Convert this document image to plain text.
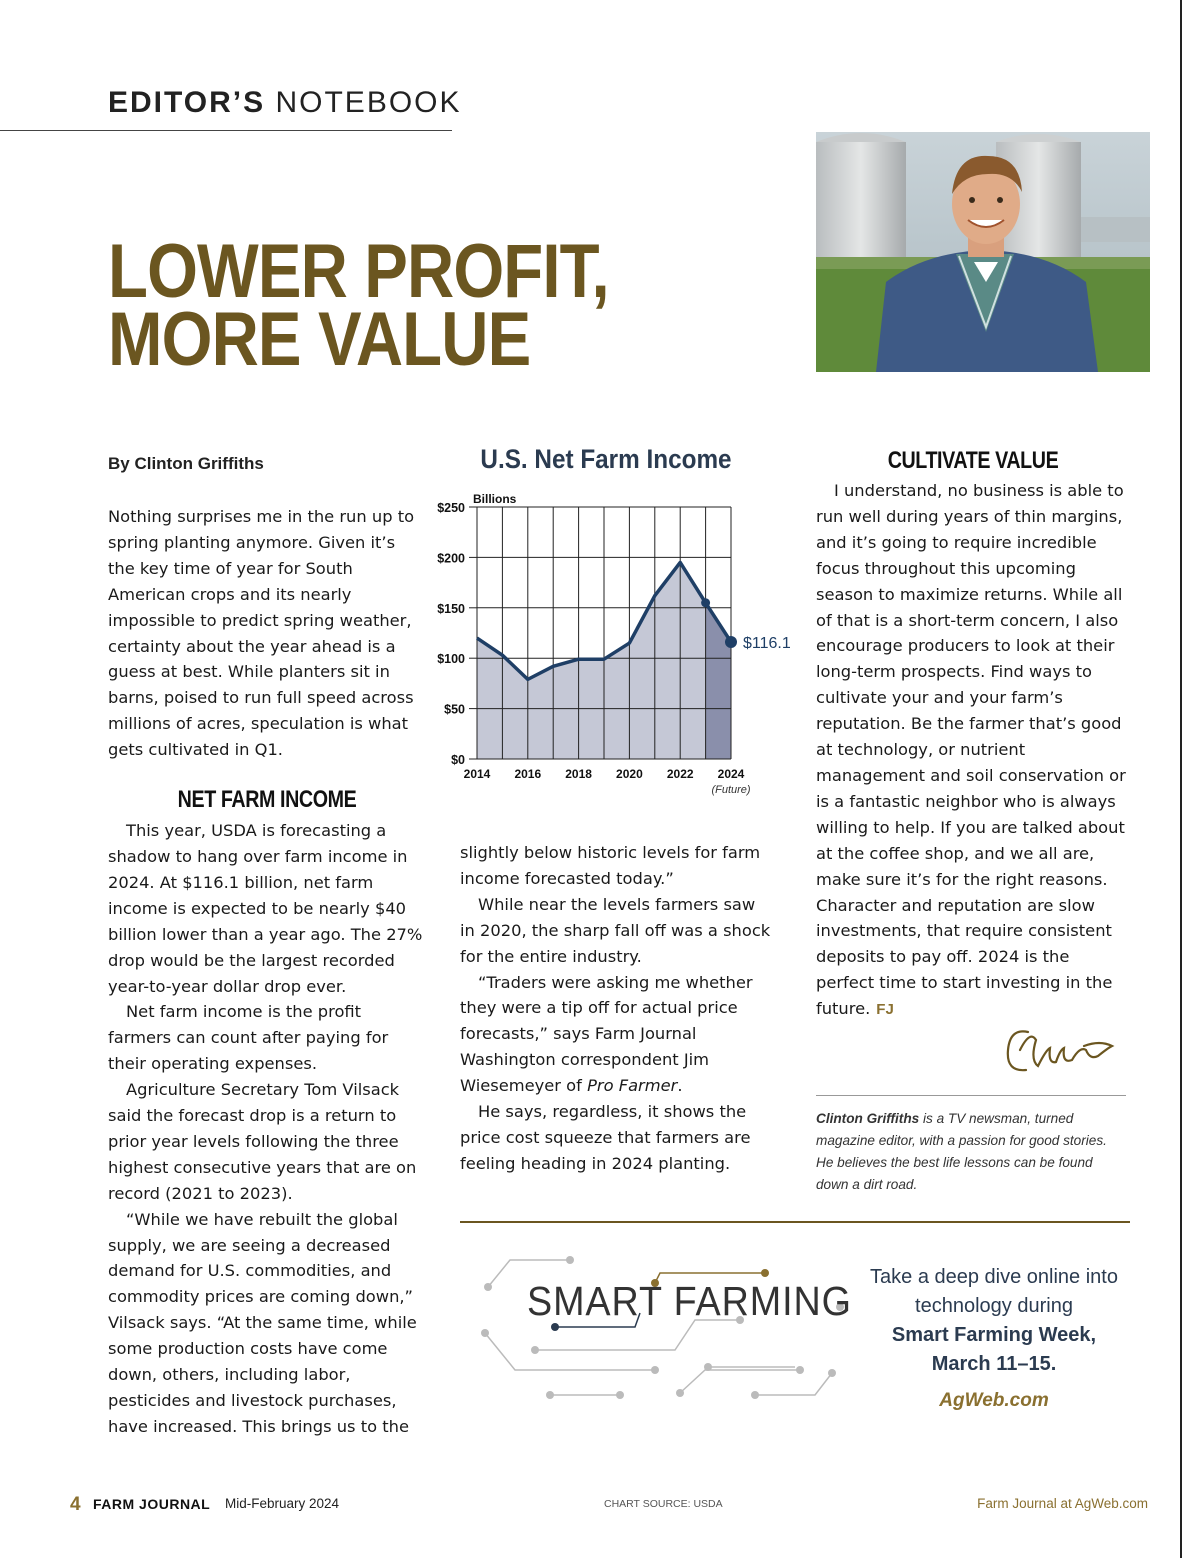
EDITOR’S NOTEBOOK
LOWER PROFIT,
MORE VALUE
By Clinton Griffiths

Nothing surprises me in the run up to spring planting anymore. Given it’s the key time of year for South American crops and its nearly impossible to predict spring weather, certainty about the year ahead is a guess at best. While planters sit in barns, poised to run full speed across millions of acres, speculation is what gets cultivated in Q1.

NET FARM INCOME

This year, USDA is forecasting a shadow to hang over farm income in 2024. At $116.1 billion, net farm income is expected to be nearly $40 billion lower than a year ago. The 27% drop would be the largest recorded year-to-year dollar drop ever.

Net farm income is the profit farmers can count after paying for their operating expenses.

Agriculture Secretary Tom Vilsack said the forecast drop is a return to prior year levels following the three highest consecutive years that are on record (2021 to 2023).

“While we have rebuilt the global supply, we are seeing a decreased demand for U.S. commodities, and commodity prices are coming down,” Vilsack says. “At the same time, while some production costs have come down, others, including labor, pesticides and livestock purchases, have increased. This brings us to the

U.S. Net Farm Income
$0
$50
$100
$150
$200
$250
Billions
2014 2016 2018 2020 2022 2024
(Future)
$116.1

slightly below historic levels for farm income forecasted today.”

While near the levels farmers saw in 2020, the sharp fall off was a shock for the entire industry.

“Traders were asking me whether they were a tip off for actual price forecasts,” says Farm Journal Washington correspondent Jim Wiesemeyer of Pro Farmer.

He says, regardless, it shows the price cost squeeze that farmers are feeling heading in 2024 planting.

CULTIVATE VALUE

I understand, no business is able to run well during years of thin margins, and it’s going to require incredible focus throughout this upcoming season to maximize returns. While all of that is a short-term concern, I also encourage producers to look at their long-term prospects. Find ways to cultivate your and your farm’s reputation. Be the farmer that’s good at technology, or nutrient management and soil conservation or is a fantastic neighbor who is always willing to help. If you are talked about at the coffee shop, and we all are, make sure it’s for the right reasons. Character and reputation are slow investments, that require consistent deposits to pay off. 2024 is the perfect time to start investing in the future. FJ

Clinton Griffiths is a TV newsman, turned magazine editor, with a passion for good stories. He believes the best life lessons can be found down a dirt road.
SMART FARMING
Take a deep dive online into technology during
Smart Farming Week, March 11–15.
AgWeb.com
4 FARM JOURNAL Mid-February 2024	CHART SOURCE: USDA	Farm Journal at AgWeb.com
